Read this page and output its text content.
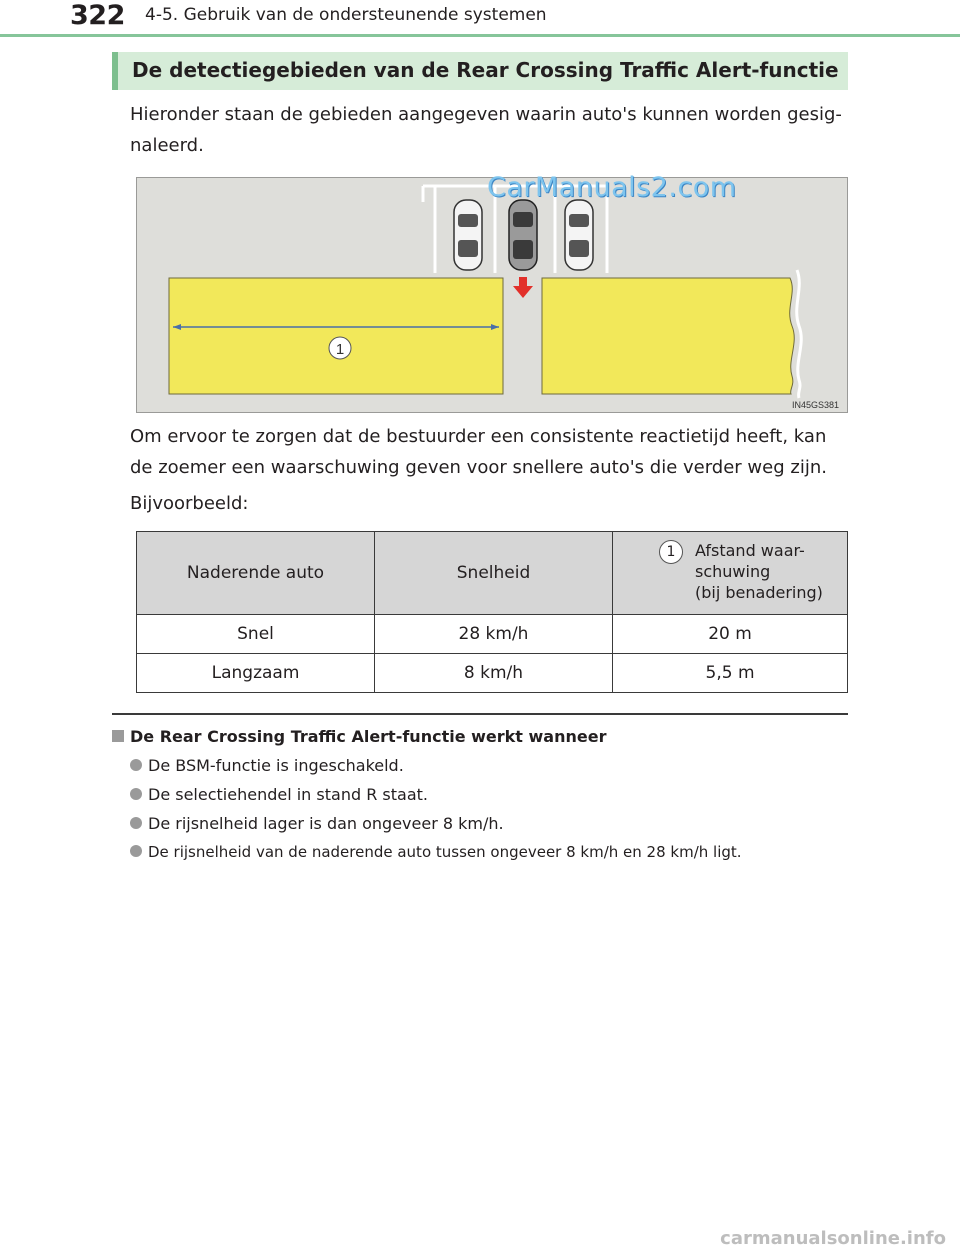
322 4-5. Gebruik van de ondersteunende systemen
De detectiegebieden van de Rear Crossing Traffic Alert-functie
Hieronder staan de gebieden aangegeven waarin auto's kunnen worden gesig-naleerd.
1
IN45GS381
CarManuals2.com
Om ervoor te zorgen dat de bestuurder een consistente reactietijd heeft, kan de zoemer een waarschuwing geven voor snellere auto's die verder weg zijn.
Bijvoorbeeld:
Naderende auto	Snelheid	1 Afstand waar-
schuwing
(bij benadering)

Snel	28 km/h	20 m
Langzaam	8 km/h	5,5 m
De Rear Crossing Traffic Alert-functie werkt wanneer
De BSM-functie is ingeschakeld.
De selectiehendel in stand R staat.
De rijsnelheid lager is dan ongeveer 8 km/h.
De rijsnelheid van de naderende auto tussen ongeveer 8 km/h en 28 km/h ligt.
carmanualsonline.info
